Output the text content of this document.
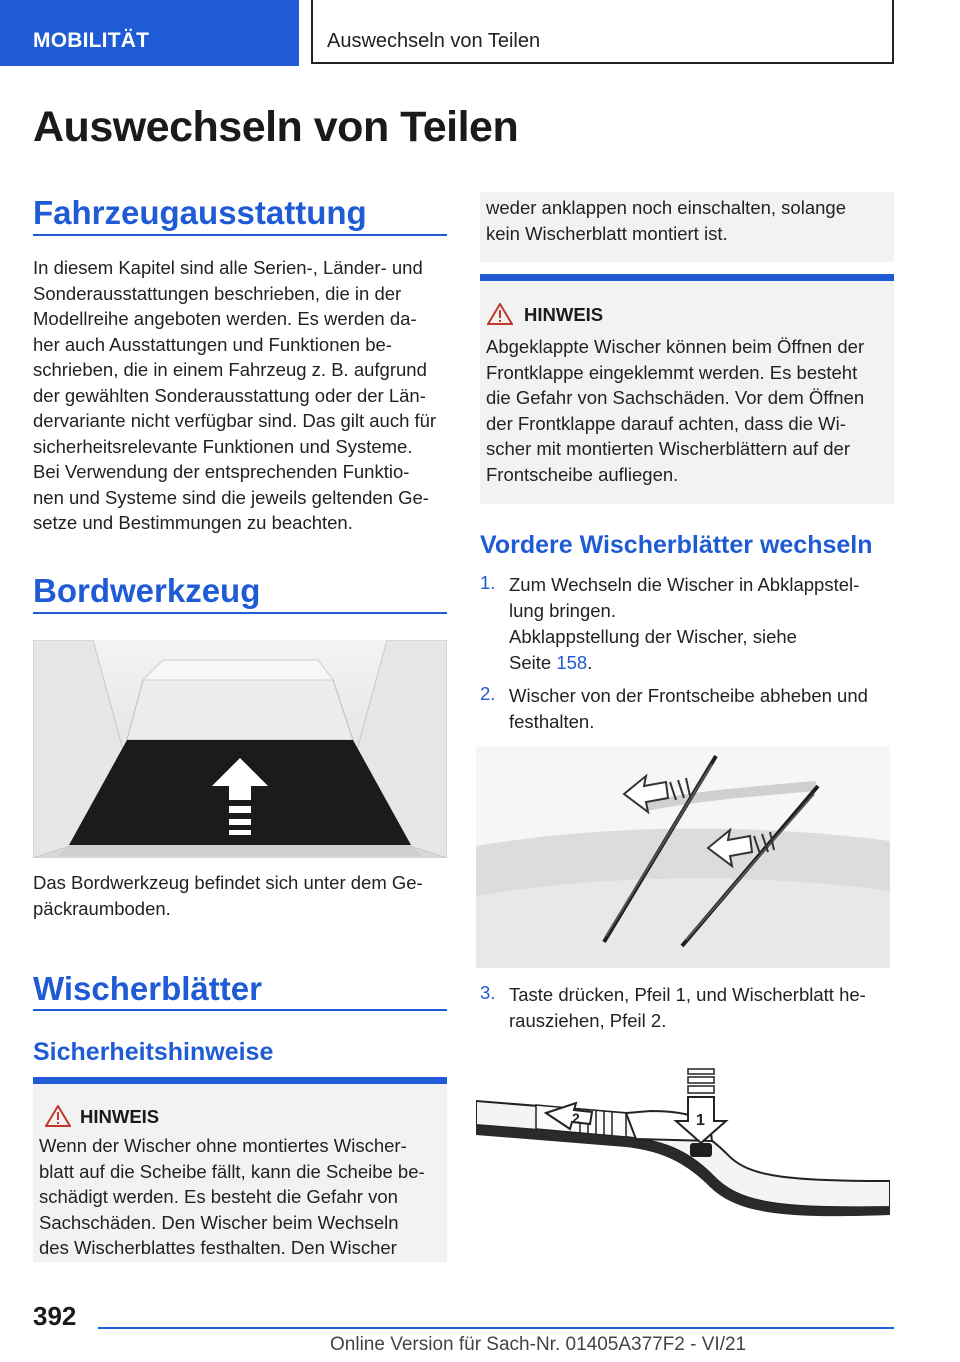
MOBILITÄT	Auswechseln von Teilen
Auswechseln von Teilen
Fahrzeugausstattung
In diesem Kapitel sind alle Serien-, Länder- und
Sonderausstattungen beschrieben, die in der
Modellreihe angeboten werden. Es werden da-
her auch Ausstattungen und Funktionen be-
schrieben, die in einem Fahrzeug z. B. aufgrund
der gewählten Sonderausstattung oder der Län-
dervariante nicht verfügbar sind. Das gilt auch für
sicherheitsrelevante Funktionen und Systeme.
Bei Verwendung der entsprechenden Funktio-
nen und Systeme sind die jeweils geltenden Ge-
setze und Bestimmungen zu beachten.
Bordwerkzeug
Das Bordwerkzeug befindet sich unter dem Ge-
päckraumboden.
Wischerblätter
Sicherheitshinweise
HINWEIS
Wenn der Wischer ohne montiertes Wischer-
blatt auf die Scheibe fällt, kann die Scheibe be-
schädigt werden. Es besteht die Gefahr von
Sachschäden. Den Wischer beim Wechseln
des Wischerblattes festhalten. Den Wischer
weder anklappen noch einschalten, solange
kein Wischerblatt montiert ist.
HINWEIS
Abgeklappte Wischer können beim Öffnen der
Frontklappe eingeklemmt werden. Es besteht
die Gefahr von Sachschäden. Vor dem Öffnen
der Frontklappe darauf achten, dass die Wi-
scher mit montierten Wischerblättern auf der
Frontscheibe aufliegen.
Vordere Wischerblätter wechseln
1. Zum Wechseln die Wischer in Abklappstel-
lung bringen.
Abklappstellung der Wischer, siehe
Seite 158.
2. Wischer von der Frontscheibe abheben und
festhalten.
3. Taste drücken, Pfeil 1, und Wischerblatt he-
rausziehen, Pfeil 2.
2	1
392
Online Version für Sach-Nr. 01405A377F2 - VI/21
